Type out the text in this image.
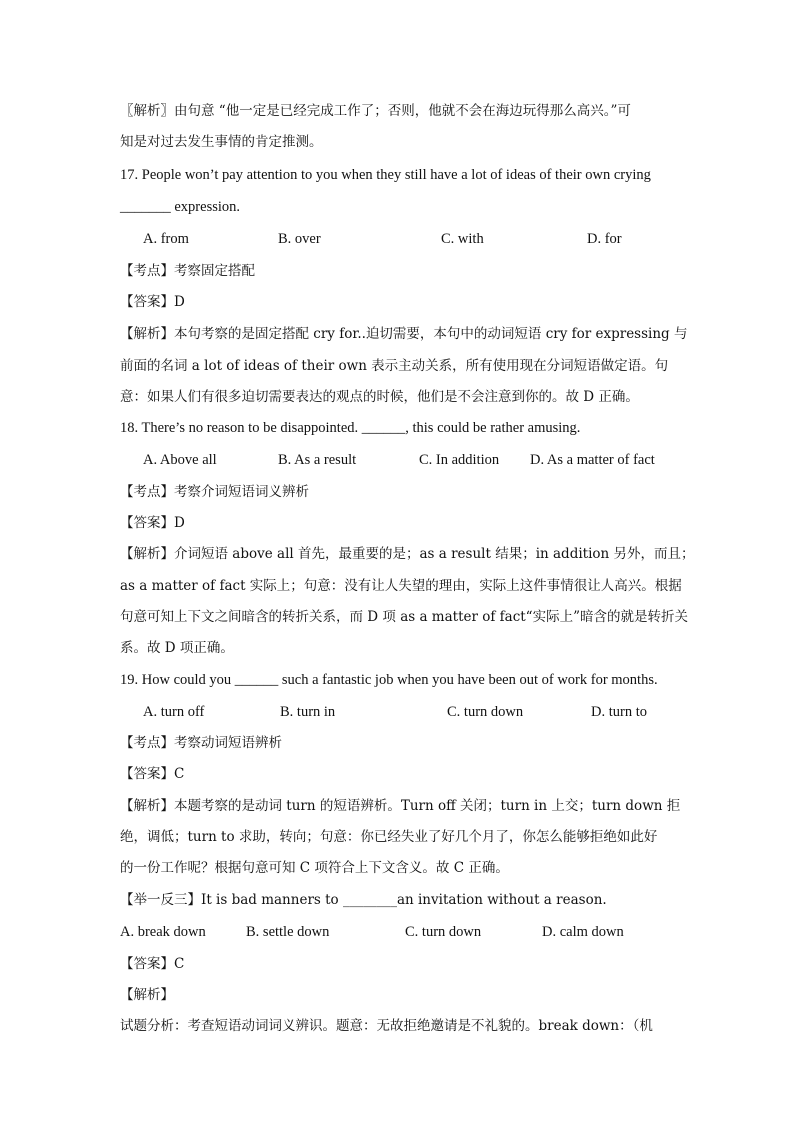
〖解析〗由句意 “他一定是已经完成工作了；否则，他就不会在海边玩得那么高兴。”可
知是对过去发生事情的肯定推测。
17. People won’t pay attention to you when they still have a lot of ideas of their own crying
_______ expression.
A. from	B. over	C. with	D. for
【考点】考察固定搭配
【答案】D
【解析】本句考察的是固定搭配 cry for..迫切需要，本句中的动词短语 cry for expressing 与
前面的名词 a lot of ideas of their own 表示主动关系，所有使用现在分词短语做定语。句
意：如果人们有很多迫切需要表达的观点的时候，他们是不会注意到你的。故 D 正确。
18. There’s no reason to be disappointed. ______, this could be rather amusing.
A. Above all	B. As a result	C. In addition D. As a matter of fact
【考点】考察介词短语词义辨析
【答案】D
【解析】介词短语 above all 首先，最重要的是；as a result 结果；in addition 另外，而且；
as a matter of fact 实际上；句意：没有让人失望的理由，实际上这件事情很让人高兴。根据
句意可知上下文之间暗含的转折关系，而 D 项 as a matter of fact“实际上”暗含的就是转折关
系。故 D 项正确。
19. How could you ______ such a fantastic job when you have been out of work for months.
A. turn off	B. turn in	C. turn down	D. turn to
【考点】考察动词短语辨析
【答案】C
【解析】本题考察的是动词 turn 的短语辨析。Turn off 关闭；turn in 上交；turn down 拒
绝，调低；turn to 求助，转向；句意：你已经失业了好几个月了，你怎么能够拒绝如此好
的一份工作呢？根据句意可知 C 项符合上下文含义。故 C 正确。
【举一反三】It is bad manners to ________an invitation without a reason.
A. break down	B. settle down	C. turn down	D. calm down
【答案】C
【解析】
试题分析：考查短语动词词义辨识。题意：无故拒绝邀请是不礼貌的。break down：（机
